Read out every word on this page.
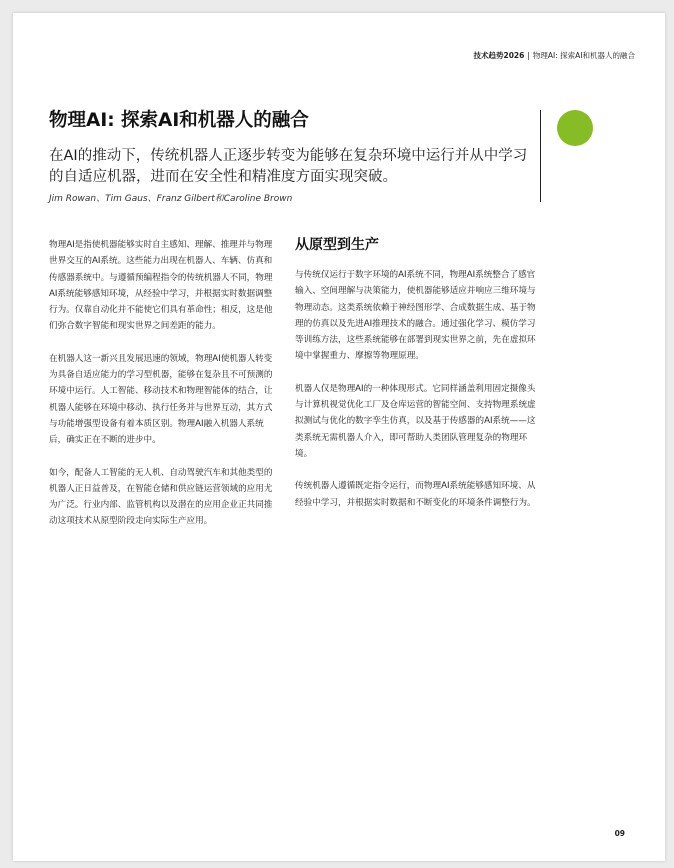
技术趋势2026 | 物理AI: 探索AI和机器人的融合
物理AI: 探索AI和机器人的融合

在AI的推动下，传统机器人正逐步转变为能够在复杂环境中运行并从中学习的自适应机器，进而在安全性和精准度方面实现突破。

Jim Rowan、Tim Gaus、Franz Gilbert和Caroline Brown

物理AI是指使机器能够实时自主感知、理解、推理并与物理世界交互的AI系统。这些能力出现在机器人、车辆、仿真和传感器系统中。与遵循预编程指令的传统机器人不同，物理AI系统能够感知环境，从经验中学习，并根据实时数据调整行为。仅靠自动化并不能使它们具有革命性；相反，这是他们弥合数字智能和现实世界之间差距的能力。

在机器人这一新兴且发展迅速的领域，物理AI使机器人转变为具备自适应能力的学习型机器，能够在复杂且不可预测的环境中运行。人工智能、移动技术和物理智能体的结合，让机器人能够在环境中移动、执行任务并与世界互动，其方式与功能增强型设备有着本质区别。物理AI融入机器人系统后，确实正在不断的进步中。

如今，配备人工智能的无人机、自动驾驶汽车和其他类型的机器人正日益普及，在智能仓储和供应链运营领域的应用尤为广泛。行业内部、监管机构以及潜在的应用企业正共同推动这项技术从原型阶段走向实际生产应用。

从原型到生产

与传统仅运行于数字环境的AI系统不同，物理AI系统整合了感官输入、空间理解与决策能力，使机器能够适应并响应三维环境与物理动态。这类系统依赖于神经图形学、合成数据生成、基于物理的仿真以及先进AI推理技术的融合。通过强化学习、模仿学习等训练方法，这些系统能够在部署到现实世界之前，先在虚拟环境中掌握重力、摩擦等物理原理。

机器人仅是物理AI的一种体现形式。它同样涵盖利用固定摄像头与计算机视觉优化工厂及仓库运营的智能空间、支持物理系统虚拟测试与优化的数字孪生仿真，以及基于传感器的AI系统——这类系统无需机器人介入，即可帮助人类团队管理复杂的物理环境。

传统机器人遵循既定指令运行，而物理AI系统能够感知环境、从经验中学习，并根据实时数据和不断变化的环境条件调整行为。

09
